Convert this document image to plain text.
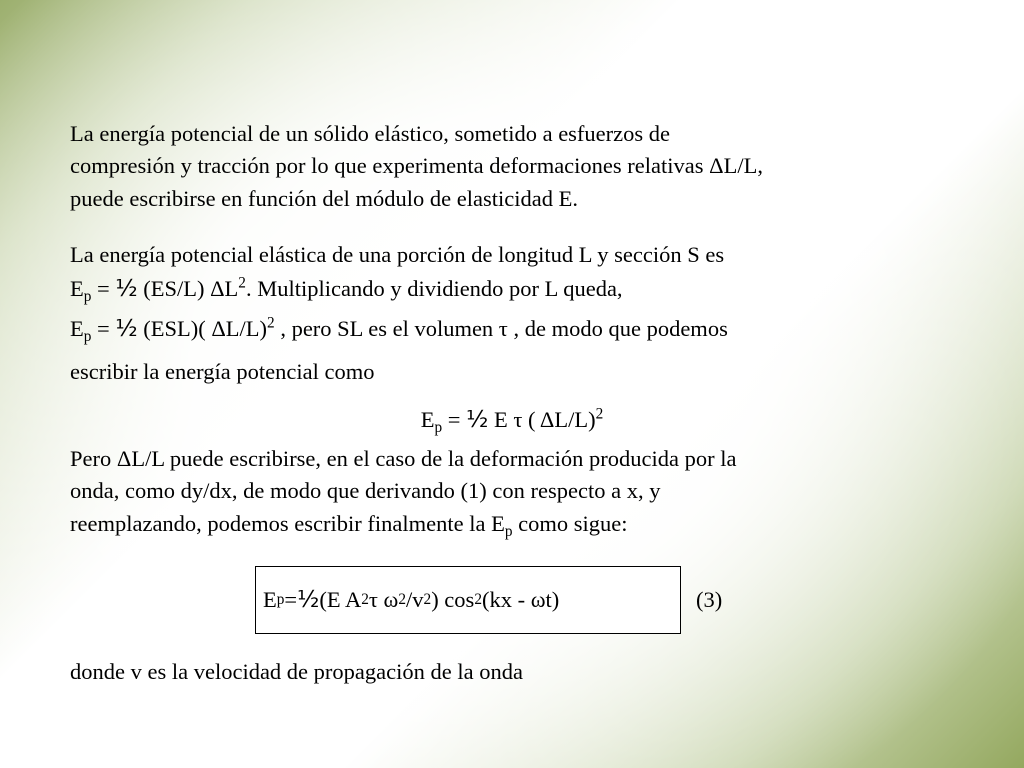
La energía potencial de un sólido elástico, sometido a esfuerzos de
compresión y tracción por lo que experimenta deformaciones relativas ΔL/L,
puede escribirse en función del módulo de elasticidad E.

La energía potencial elástica de una porción de longitud L y sección S es
$E_p$ = ½ (ES/L) $\Delta L^2$. Multiplicando y dividiendo por L queda,
$E_p$ = ½ (ESL)( ΔL/L)$^2$ , pero SL es el volumen τ , de modo que podemos
escribir la energía potencial como

$E_p$ = ½ E τ ( ΔL/L)$^2$

Pero ΔL/L puede escribirse, en el caso de la deformación producida por la
onda, como dy/dx, de modo que derivando (1) con respecto a x, y
reemplazando, podemos escribir finalmente la $E_p$ como sigue:

E p = ½ (E A 2 τ ω 2 /v 2 ) cos 2 (kx - ωt)	(3)

donde v es la velocidad de propagación de la onda
